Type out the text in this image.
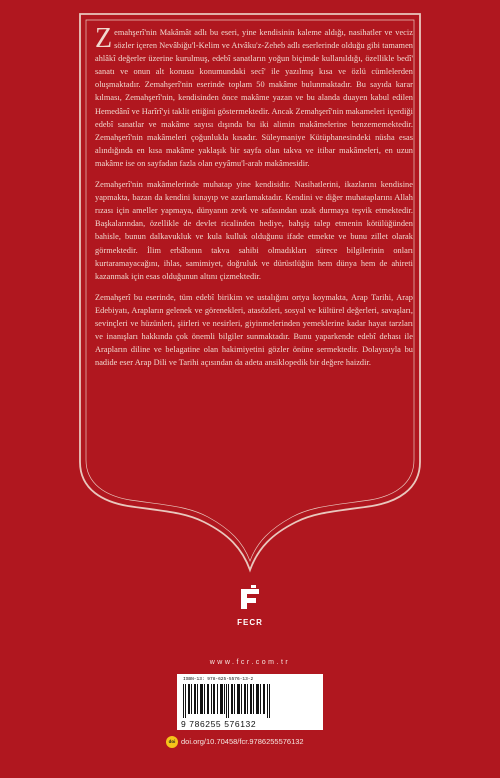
Zemahşerî'nin Makâmât adlı bu eseri, yine kendisinin kaleme aldığı, nasihatler ve veciz sözler içeren Nevâbiğu'l-Kelim ve Atvâku'z-Zeheb adlı eserlerinde olduğu gibi tamamen ahlâkî değerler üzerine kurulmuş, edebî sanatların yoğun biçimde kullanıldığı, özellikle bedî' sanatı ve onun alt konusu konumundaki secî' ile yazılmış kısa ve özlü cümlelerden oluşmaktadır. Zemahşerî'nin eserinde toplam 50 makâme bulunmaktadır. Bu sayıda karar kılması, Zemahşerî'nin, kendisinden önce makâme yazan ve bu alanda duayen kabul edilen Hemedânî ve Harîrî'yi taklit ettiğini göstermektedir. Ancak Zemahşerî'nin makameleri içerdiği edebî sanatlar ve makâme sayısı dışında bu iki alimin makâmelerine benzememektedir. Zemahşerî'nin makâmeleri çoğunlukla kısadır. Süleymaniye Kütüphanesindeki nüsha esas alındığında en kısa makâme yaklaşık bir sayfa olan takva ve itibar makâmeleri, en uzun makâme ise on sayfadan fazla olan eyyâmu'l-arab makâmesidir.

Zemahşerî'nin makâmelerinde muhatap yine kendisidir. Nasihatlerini, ikazlarını kendisine yapmakta, bazan da kendini kınayıp ve azarlamaktadır. Kendini ve diğer muhataplarını Allah rızası için ameller yapmaya, dünyanın zevk ve safasından uzak durmaya teşvik etmektedir. Başkalarından, özellikle de devlet ricalinden hediye, bahşiş talep etmenin kötülüğünden bahisle, bunun dalkavukluk ve kula kulluk olduğunu ifade etmekte ve bunu zillet olarak görmektedir. İlim erbâbının takva sahibi olmadıkları sürece bilgilerinin onları kurtaramayacağını, ihlas, samimiyet, doğruluk ve dürüstlüğün hem dünya hem de ahireti kazanmak için esas olduğunun altını çizmektedir.

Zemahşerî bu eserinde, tüm edebî birikim ve ustalığını ortya koymakta, Arap Tarihi, Arap Edebiyatı, Arapların gelenek ve görenekleri, atasözleri, sosyal ve kültürel değerleri, savaşları, sevinçleri ve hüzünleri, şiirleri ve nesirleri, giyinmelerinden yemeklerine kadar hayat tarzları ve inanışları hakkında çok önemli bilgiler sunmaktadır. Bunu yaparkende edebî dehası ile Arapların diline ve belagatine olan hakimiyetini gözler önüne sermektedir. Dolayısıyla bu nadide eser Arap Dili ve Tarihi açısından da adeta ansiklopedik bir değere haizdir.

FECR
www.fcr.com.tr
ISBN-13: 978-625-5576-13-2
9 786255 576132
doi doi.org/10.70458/fcr.9786255576132
